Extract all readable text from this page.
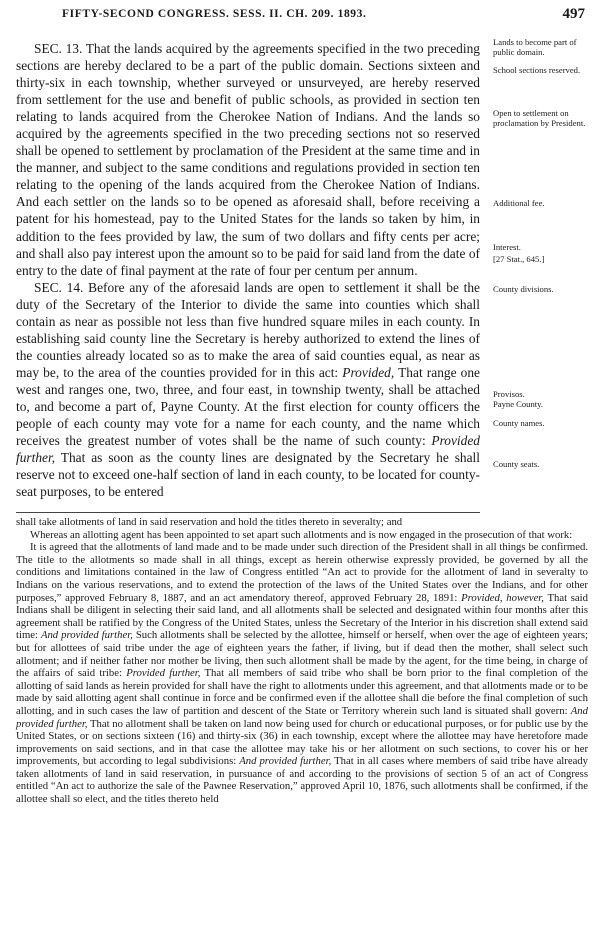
FIFTY-SECOND CONGRESS. SESS. II. CH. 209. 1893.	497

SEC. 13. That the lands acquired by the agreements specified in the two preceding sections are hereby declared to be a part of the public domain. Sections sixteen and thirty-six in each township, whether surveyed or unsurveyed, are hereby reserved from settlement for the use and benefit of public schools, as provided in section ten relating to lands acquired from the Cherokee Nation of Indians. And the lands so acquired by the agreements specified in the two preceding sections not so reserved shall be opened to settlement by proclamation of the President at the same time and in the manner, and subject to the same conditions and regulations provided in section ten relating to the opening of the lands acquired from the Cherokee Nation of Indians. And each settler on the lands so to be opened as aforesaid shall, before receiving a patent for his homestead, pay to the United States for the lands so taken by him, in addition to the fees provided by law, the sum of two dollars and fifty cents per acre; and shall also pay interest upon the amount so to be paid for said land from the date of entry to the date of final payment at the rate of four per centum per annum.

SEC. 14. Before any of the aforesaid lands are open to settlement it shall be the duty of the Secretary of the Interior to divide the same into counties which shall contain as near as possible not less than five hundred square miles in each county. In establishing said county line the Secretary is hereby authorized to extend the lines of the counties already located so as to make the area of said counties equal, as near as may be, to the area of the counties provided for in this act: Provided, That range one west and ranges one, two, three, and four east, in township twenty, shall be attached to, and become a part of, Payne County. At the first election for county officers the people of each county may vote for a name for each county, and the name which receives the greatest number of votes shall be the name of such county: Provided further, That as soon as the county lines are designated by the Secretary he shall reserve not to exceed one-half section of land in each county, to be located for county-seat purposes, to be entered

Lands to become part of public domain.
School sections reserved.
Open to settlement on proclamation by President.
Additional fee.
Interest.
[27 Stat., 645.]
County divisions.
Provisos.
Payne County.
County names.
County seats.

shall take allotments of land in said reservation and hold the titles thereto in severalty; and

Whereas an allotting agent has been appointed to set apart such allotments and is now engaged in the prosecution of that work:

It is agreed that the allotments of land made and to be made under such direction of the President shall in all things be confirmed. The title to the allotments so made shall in all things, except as herein otherwise expressly provided, be governed by all the conditions and limitations contained in the law of Congress entitled “An act to provide for the allotment of land in severalty to Indians on the various reservations, and to extend the protection of the laws of the United States over the Indians, and for other purposes,” approved February 8, 1887, and an act amendatory thereof, approved February 28, 1891: Provided, however, That said Indians shall be diligent in selecting their said land, and all allotments shall be selected and designated within four months after this agreement shall be ratified by the Congress of the United States, unless the Secretary of the Interior in his discretion shall extend said time: And provided further, Such allotments shall be selected by the allottee, himself or herself, when over the age of eighteen years; but for allottees of said tribe under the age of eighteen years the father, if living, but if dead then the mother, shall select such allotment; and if neither father nor mother be living, then such allotment shall be made by the agent, for the time being, in charge of the affairs of said tribe: Provided further, That all members of said tribe who shall be born prior to the final completion of the allotting of said lands as herein provided for shall have the right to allotments under this agreement, and that allotments made or to be made by said allotting agent shall continue in force and be confirmed even if the allottee shall die before the final completion of such allotting, and in such cases the law of partition and descent of the State or Territory wherein such land is situated shall govern: And provided further, That no allotment shall be taken on land now being used for church or educational purposes, or for public use by the United States, or on sections sixteen (16) and thirty-six (36) in each township, except where the allottee may have heretofore made improvements on said sections, and in that case the allottee may take his or her allotment on such sections, to cover his or her improvements, but according to legal subdivisions: And provided further, That in all cases where members of said tribe have already taken allotments of land in said reservation, in pursuance of and according to the provisions of section 5 of an act of Congress entitled “An act to authorize the sale of the Pawnee Reservation,” approved April 10, 1876, such allotments shall be confirmed, if the allottee shall so elect, and the titles thereto held
